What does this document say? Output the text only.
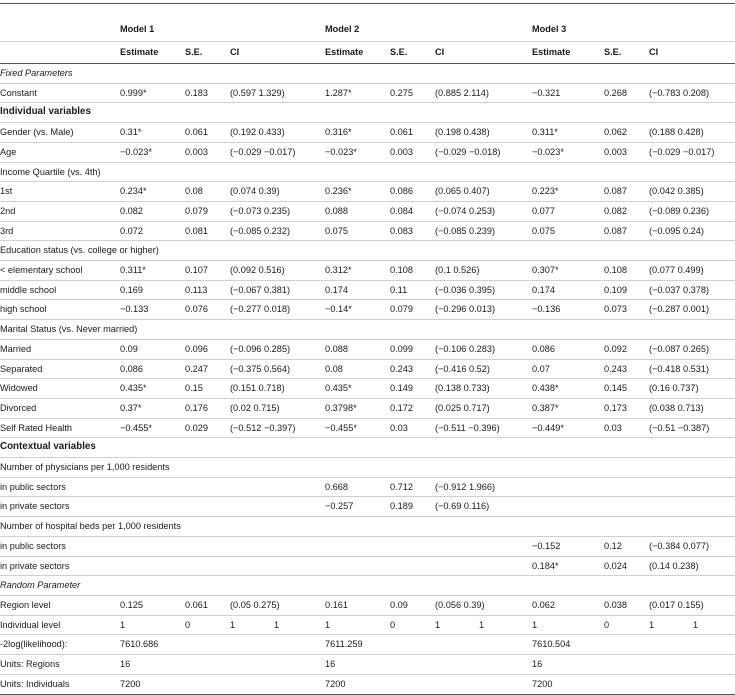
	Model 1			Model 2			Model 3		
	Estimate	S.E.	CI	Estimate	S.E.	CI	Estimate	S.E.	CI
Fixed Parameters									
Constant	0.999*	0.183	(0.597 1.329)	1.287*	0.275	(0.885 2.114)	−0.321	0.268	(−0.783 0.208)
Individual variables									
Gender (vs. Male)	0.31*	0.061	(0.192 0.433)	0.316*	0.061	(0.198 0.438)	0.311*	0.062	(0.188 0.428)
Age	−0.023*	0.003	(−0.029 −0.017)	−0.023*	0.003	(−0.029 −0.018)	−0.023*	0.003	(−0.029 −0.017)
Income Quartile (vs. 4th)									
1st	0.234*	0.08	(0.074 0.39)	0.236*	0.086	(0.065 0.407)	0.223*	0.087	(0.042 0.385)
2nd	0.082	0.079	(−0.073 0.235)	0.088	0.084	(−0.074 0.253)	0.077	0.082	(−0.089 0.236)
3rd	0.072	0.081	(−0.085 0.232)	0.075	0.083	(−0.085 0.239)	0.075	0.087	(−0.095 0.24)
Education status (vs. college or higher)									
< elementary school	0.311*	0.107	(0.092 0.516)	0.312*	0.108	(0.1 0.526)	0.307*	0.108	(0.077 0.499)
middle school	0.169	0.113	(−0.067 0.381)	0.174	0.11	(−0.036 0.395)	0.174	0.109	(−0.037 0.378)
high school	−0.133	0.076	(−0.277 0.018)	−0.14*	0.079	(−0.296 0.013)	−0.136	0.073	(−0.287 0.001)
Marital Status (vs. Never married)									
Married	0.09	0.096	(−0.096 0.285)	0.088	0.099	(−0.106 0.283)	0.086	0.092	(−0.087 0.265)
Separated	0.086	0.247	(−0.375 0.564)	0.08	0.243	(−0.416 0.52)	0.07	0.243	(−0.418 0.531)
Widowed	0.435*	0.15	(0.151 0.718)	0.435*	0.149	(0.138 0.733)	0.438*	0.145	(0.16 0.737)
Divorced	0.37*	0.176	(0.02 0.715)	0.3798*	0.172	(0.025 0.717)	0.387*	0.173	(0.038 0.713)
Self Rated Health	−0.455*	0.029	(−0.512 −0.397)	−0.455*	0.03	(−0.511 −0.396)	−0.449*	0.03	(−0.51 −0.387)
Contextual variables									
Number of physicians per 1,000 residents									
in public sectors				0.668	0.712	(−0.912 1.966)			
in private sectors				−0.257	0.189	(−0.69 0.116)			
Number of hospital beds per 1,000 residents									
in public sectors							−0.152	0.12	(−0.384 0.077)
in private sectors							0.184*	0.024	(0.14 0.238)
Random Parameter									
Region level	0.125	0.061	(0.05 0.275)	0.161	0.09	(0.056 0.39)	0.062	0.038	(0.017 0.155)
Individual level	1	0	1 1	1	0	1 1	1	0	1 1
-2log(likelihood):	7610.686			7611.259			7610.504		
Units: Regions	16			16			16		
Units: Individuals	7200			7200			7200		
